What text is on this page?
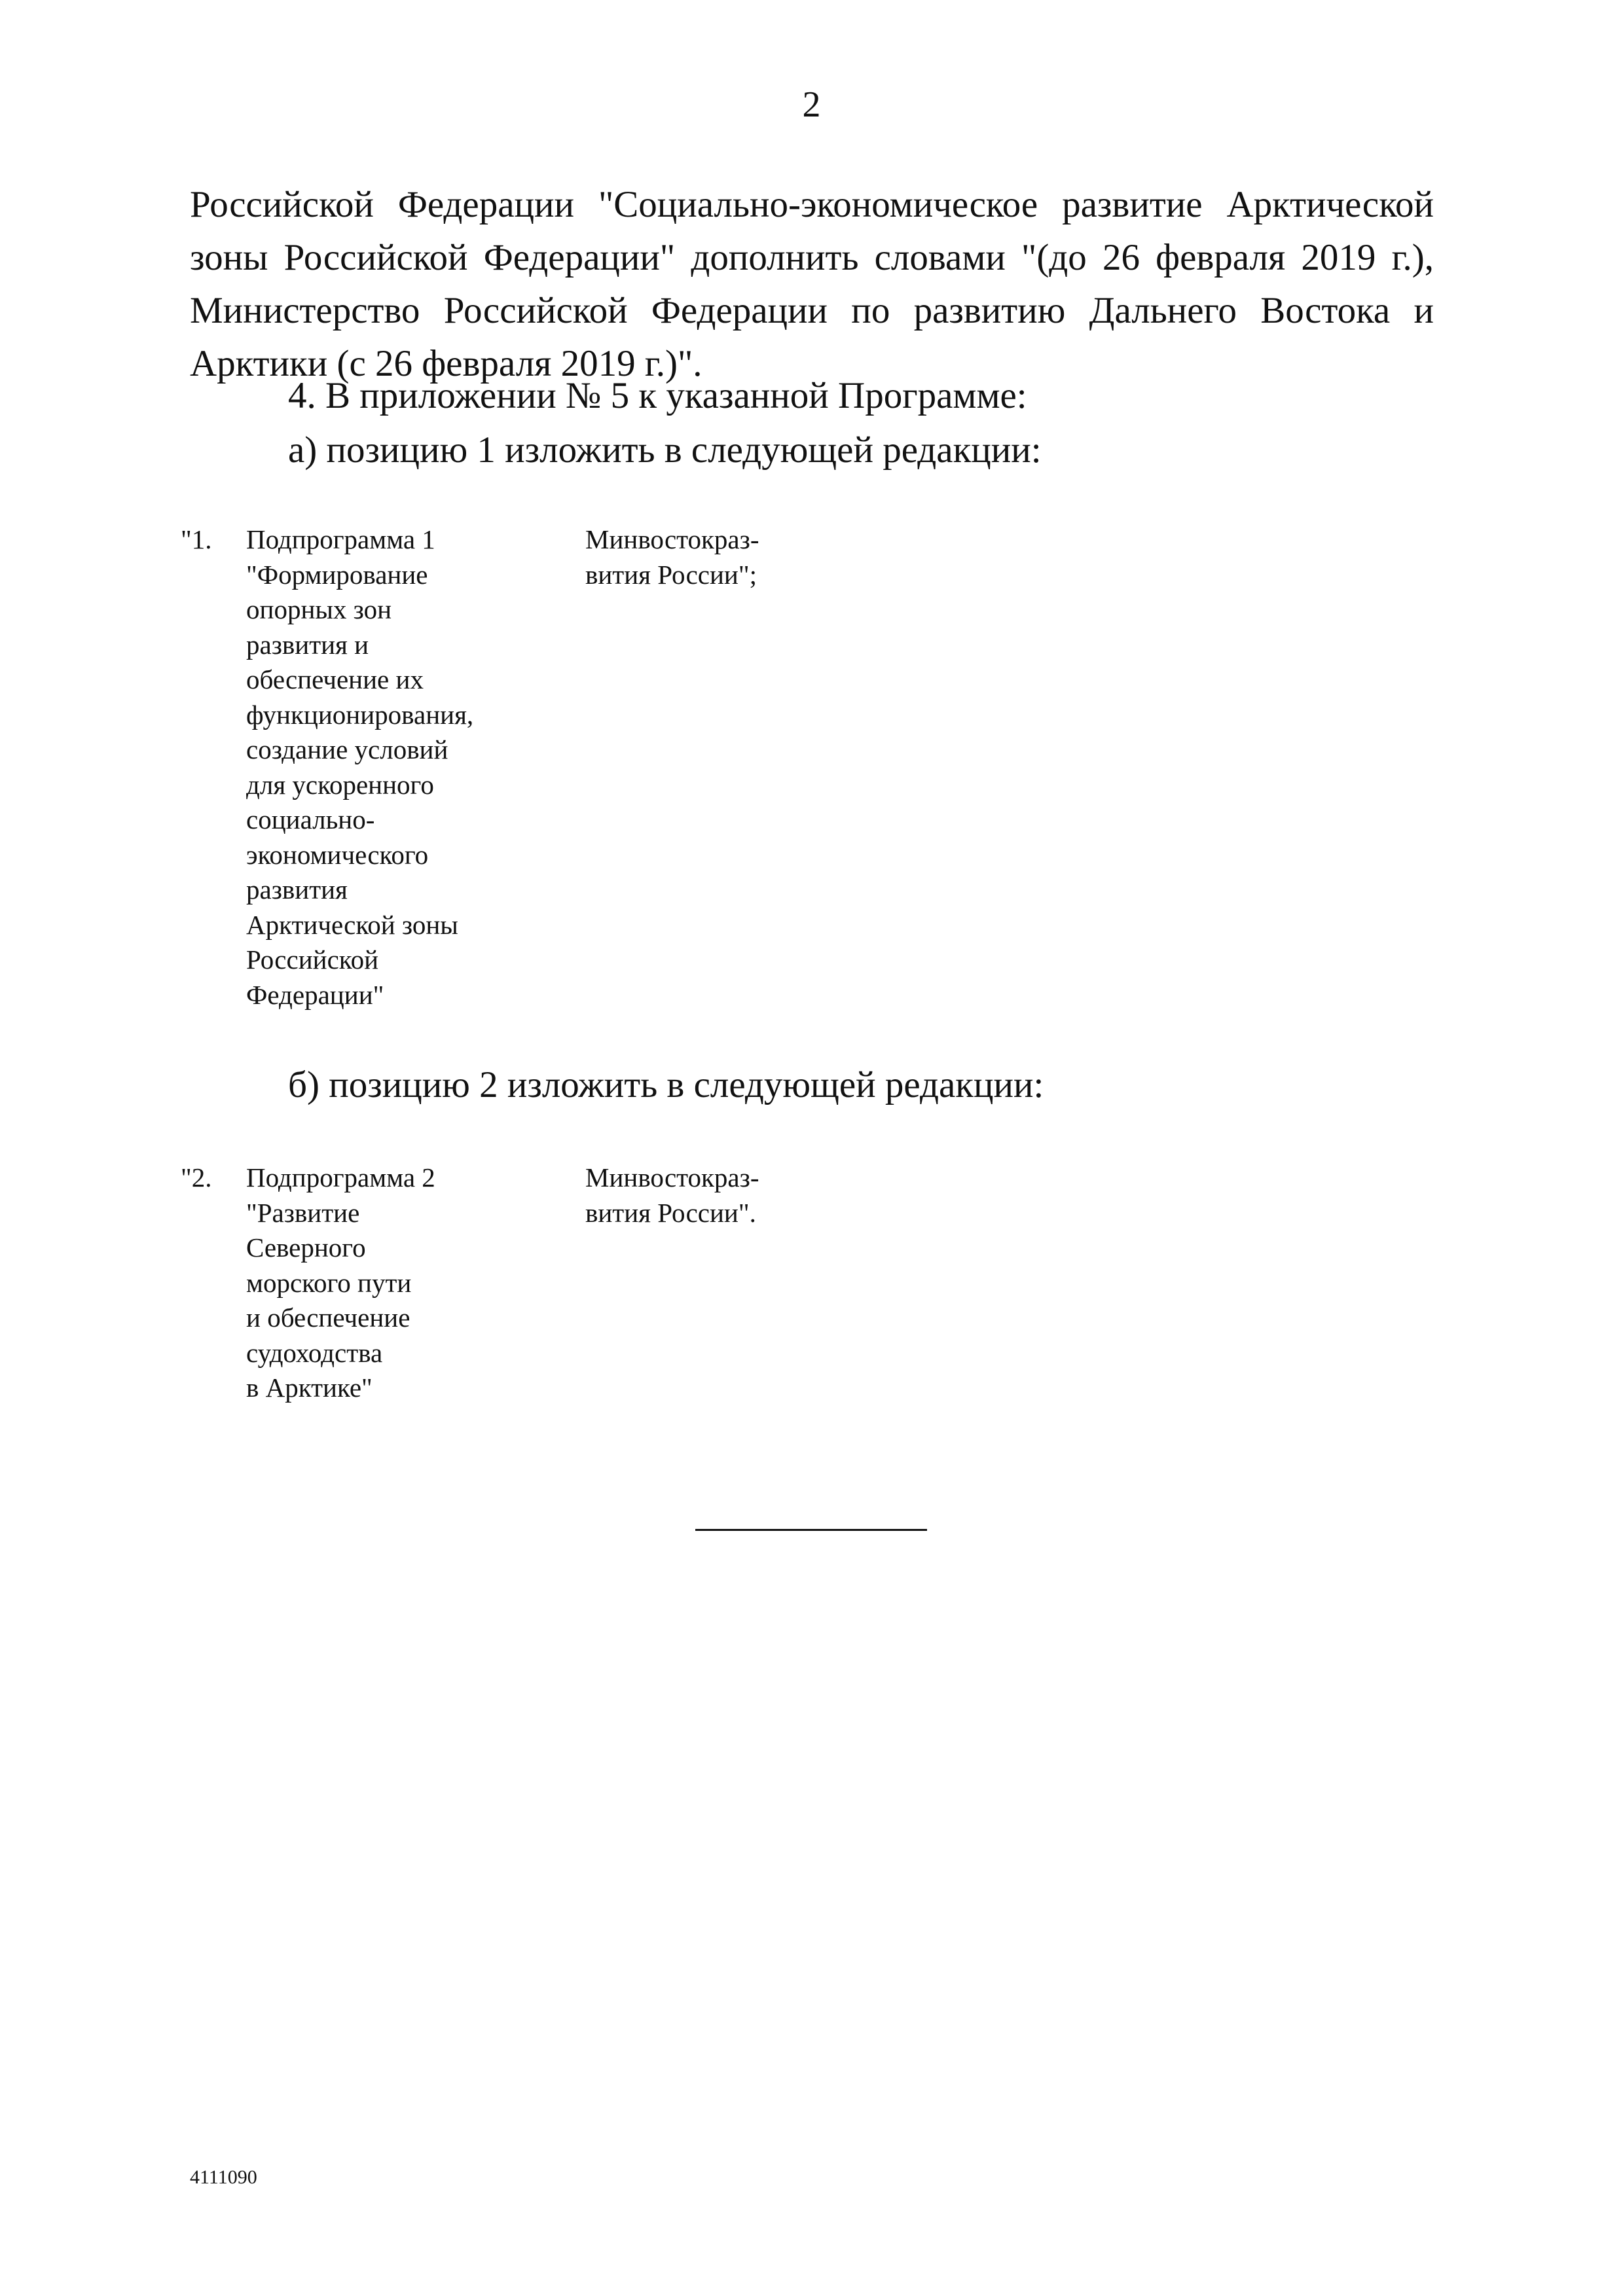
2

Российской Федерации "Социально-экономическое развитие Арктической зоны Российской Федерации" дополнить словами "(до 26 февраля 2019 г.), Министерство Российской Федерации по развитию Дальнего Востока и Арктики (с 26 февраля 2019 г.)".

4. В приложении № 5 к указанной Программе:

а) позицию 1 изложить в следующей редакции:

"1. Подпрограмма 1
"Формирование
опорных зон
развития и
обеспечение их
функционирования,
создание условий
для ускоренного
социально-
экономического
развития
Арктической зоны
Российской
Федерации"
Минвостокраз-
вития России";

б) позицию 2 изложить в следующей редакции:

"2. Подпрограмма 2
"Развитие
Северного
морского пути
и обеспечение
судоходства
в Арктике"
Минвостокраз-
вития России".
4111090
